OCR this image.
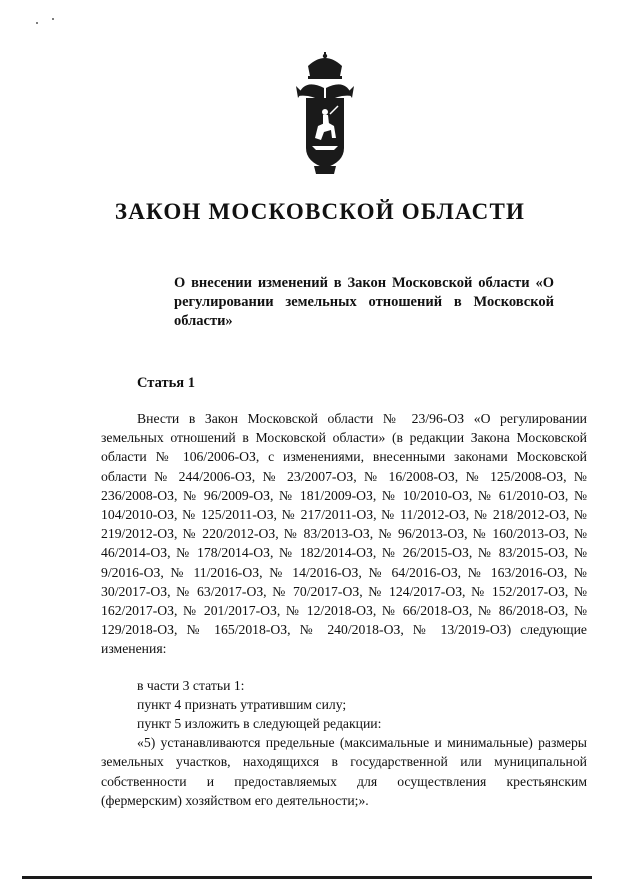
ЗАКОН МОСКОВСКОЙ ОБЛАСТИ
О внесении изменений в Закон Московской области «О регулировании земельных отношений в Московской области»
Статья 1

Внести в Закон Московской области № 23/96-ОЗ «О регулировании земельных отношений в Московской области» (в редакции Закона Московской области № 106/2006-ОЗ, с изменениями, внесенными законами Московской области № 244/2006-ОЗ, № 23/2007-ОЗ, № 16/2008-ОЗ, № 125/2008-ОЗ, № 236/2008-ОЗ, № 96/2009-ОЗ, № 181/2009-ОЗ, № 10/2010-ОЗ, № 61/2010-ОЗ, № 104/2010-ОЗ, № 125/2011-ОЗ, № 217/2011-ОЗ, № 11/2012-ОЗ, № 218/2012-ОЗ, № 219/2012-ОЗ, № 220/2012-ОЗ, № 83/2013-ОЗ, № 96/2013-ОЗ, № 160/2013-ОЗ, № 46/2014-ОЗ, № 178/2014-ОЗ, № 182/2014-ОЗ, № 26/2015-ОЗ, № 83/2015-ОЗ, № 9/2016-ОЗ, № 11/2016-ОЗ, № 14/2016-ОЗ, № 64/2016-ОЗ, № 163/2016-ОЗ, № 30/2017-ОЗ, № 63/2017-ОЗ, № 70/2017-ОЗ, № 124/2017-ОЗ, № 152/2017-ОЗ, № 162/2017-ОЗ, № 201/2017-ОЗ, № 12/2018-ОЗ, № 66/2018-ОЗ, № 86/2018-ОЗ, № 129/2018-ОЗ, № 165/2018-ОЗ, № 240/2018-ОЗ, № 13/2019-ОЗ) следующие изменения:

в части 3 статьи 1:

пункт 4 признать утратившим силу;

пункт 5 изложить в следующей редакции:

«5) устанавливаются предельные (максимальные и минимальные) размеры земельных участков, находящихся в государственной или муниципальной собственности и предоставляемых для осуществления крестьянским (фермерским) хозяйством его деятельности;».
